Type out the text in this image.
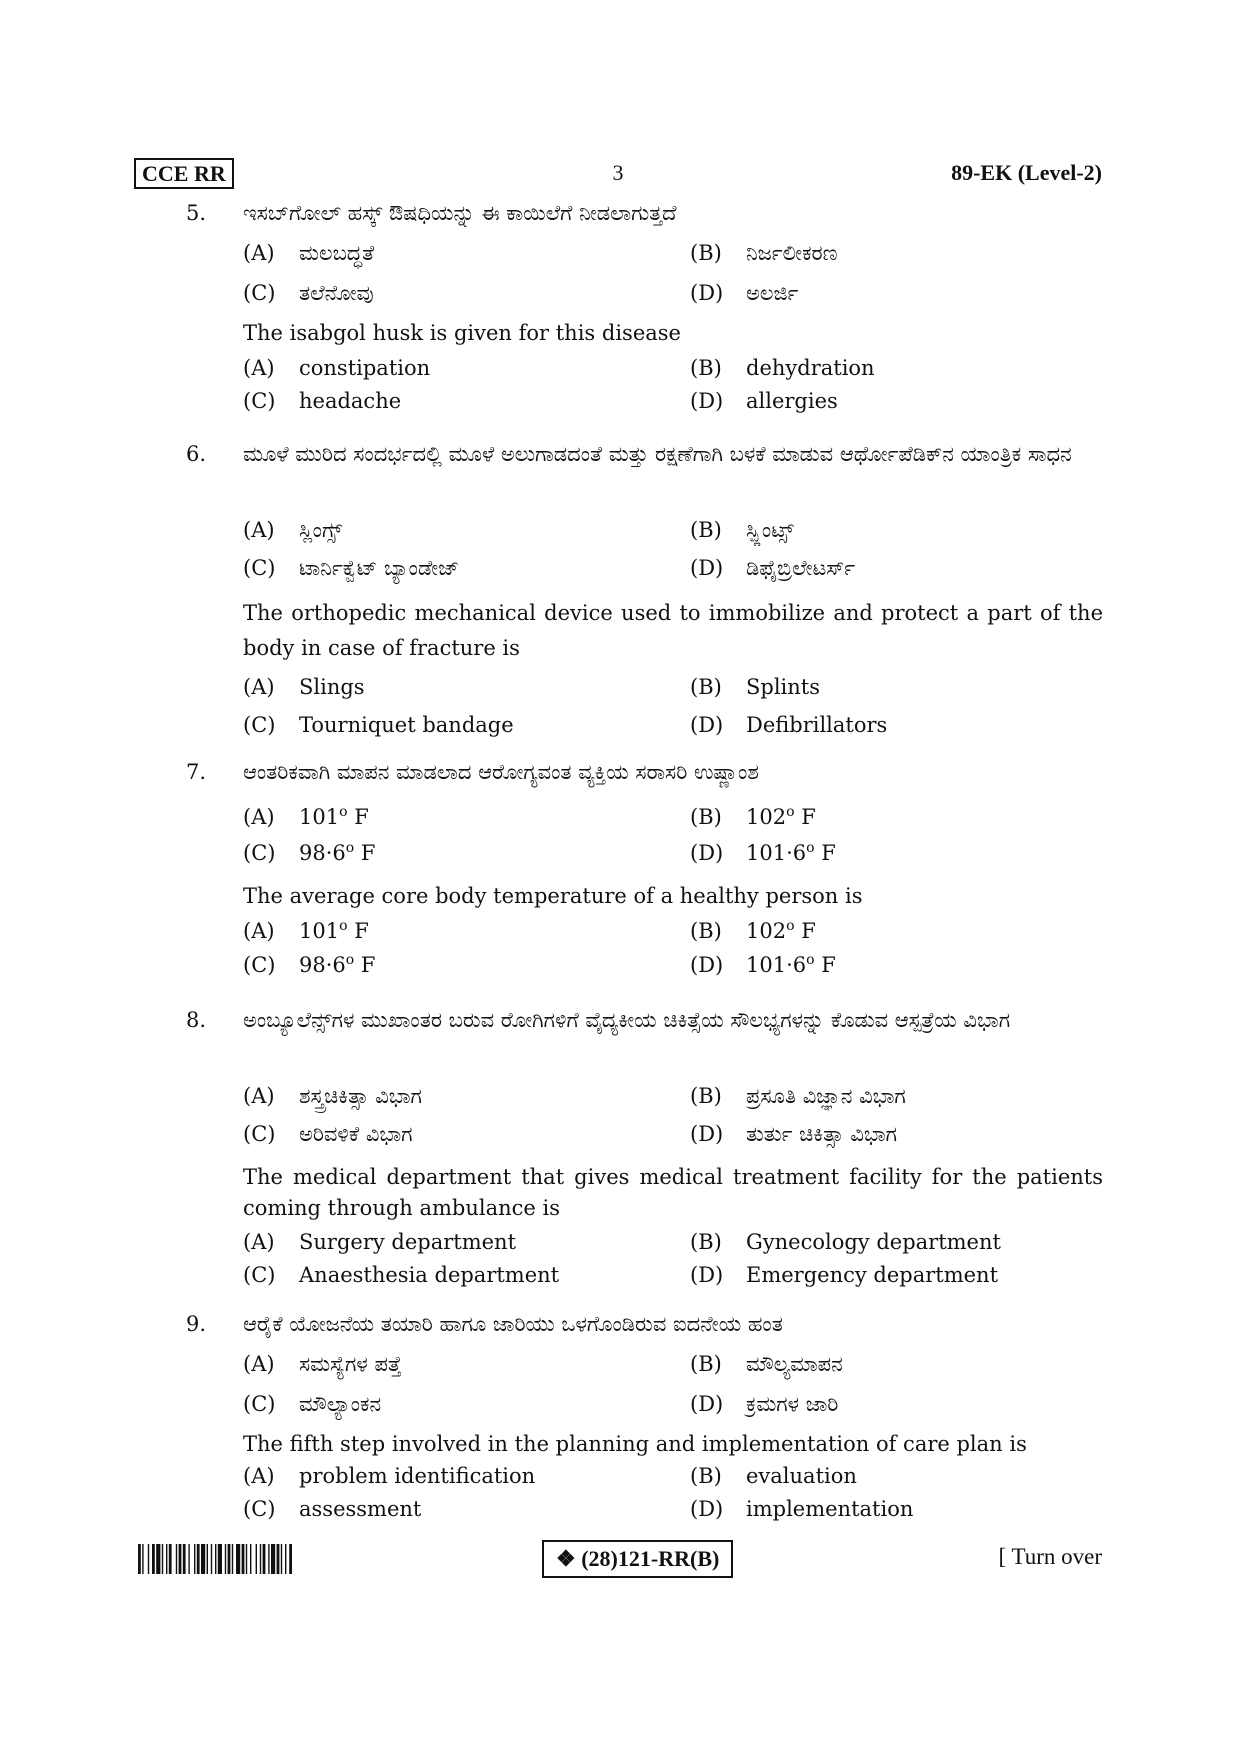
CCE RR	3	89-EK (Level-2)
5. ಇಸಬ್‌ಗೋಲ್ ಹಸ್ಕ್ ಔಷಧಿಯನ್ನು ಈ ಕಾಯಿಲೆಗೆ ನೀಡಲಾಗುತ್ತದೆ
(A) ಮಲಬದ್ಧತೆ	(B) ನಿರ್ಜಲೀಕರಣ
(C) ತಲೆನೋವು	(D) ಅಲರ್ಜಿ
The isabgol husk is given for this disease
(A) constipation	(B) dehydration
(C) headache	(D) allergies
6. ಮೂಳೆ ಮುರಿದ ಸಂದರ್ಭದಲ್ಲಿ ಮೂಳೆ ಅಲುಗಾಡದಂತೆ ಮತ್ತು ರಕ್ಷಣೆಗಾಗಿ ಬಳಕೆ ಮಾಡುವ ಆರ್ಥೋಪೆಡಿಕ್‌ನ ಯಾಂತ್ರಿಕ ಸಾಧನ
(A) ಸ್ಲಿಂಗ್ಸ್	(B) ಸ್ಪ್ಲಿಂಟ್ಸ್
(C) ಟಾರ್ನಿಕ್ವೆಟ್ ಬ್ಯಾಂಡೇಜ್	(D) ಡಿಫೈಬ್ರಿಲೇಟರ್ಸ್
The orthopedic mechanical device used to immobilize and protect a part of the body in case of fracture is
(A) Slings	(B) Splints
(C) Tourniquet bandage	(D) Defibrillators
7. ಆಂತರಿಕವಾಗಿ ಮಾಪನ ಮಾಡಲಾದ ಆರೋಗ್ಯವಂತ ವ್ಯಕ್ತಿಯ ಸರಾಸರಿ ಉಷ್ಣಾಂಶ
(A) 101$^o$ F	(B) 102$^o$ F
(C) $98\cdot 6^o$ F	(D) $101\cdot 6^o$ F
The average core body temperature of a healthy person is
(A) 101$^o$ F	(B) 102$^o$ F
(C) $98\cdot 6^o$ F	(D) $101\cdot 6^o$ F
8. ಅಂಬ್ಯೂಲೆನ್ಸ್‌ಗಳ ಮುಖಾಂತರ ಬರುವ ರೋಗಿಗಳಿಗೆ ವೈದ್ಯಕೀಯ ಚಿಕಿತ್ಸೆಯ ಸೌಲಭ್ಯಗಳನ್ನು ಕೊಡುವ ಆಸ್ಪತ್ರೆಯ ವಿಭಾಗ
(A) ಶಸ್ತ್ರಚಿಕಿತ್ಸಾ ವಿಭಾಗ	(B) ಪ್ರಸೂತಿ ವಿಜ್ಞಾನ ವಿಭಾಗ
(C) ಅರಿವಳಿಕೆ ವಿಭಾಗ	(D) ತುರ್ತು ಚಿಕಿತ್ಸಾ ವಿಭಾಗ
The medical department that gives medical treatment facility for the patients coming through ambulance is
(A) Surgery department	(B) Gynecology department
(C) Anaesthesia department	(D) Emergency department
9. ಆರೈಕೆ ಯೋಜನೆಯ ತಯಾರಿ ಹಾಗೂ ಜಾರಿಯು ಒಳಗೊಂಡಿರುವ ಐದನೇಯ ಹಂತ
(A) ಸಮಸ್ಯೆಗಳ ಪತ್ತೆ	(B) ಮೌಲ್ಯಮಾಪನ
(C) ಮೌಲ್ಯಾಂಕನ	(D) ಕ್ರಮಗಳ ಜಾರಿ
The fifth step involved in the planning and implementation of care plan is
(A) problem identification	(B) evaluation
(C) assessment	(D) implementation
❖ (28)121-RR(B)	[ Turn over
